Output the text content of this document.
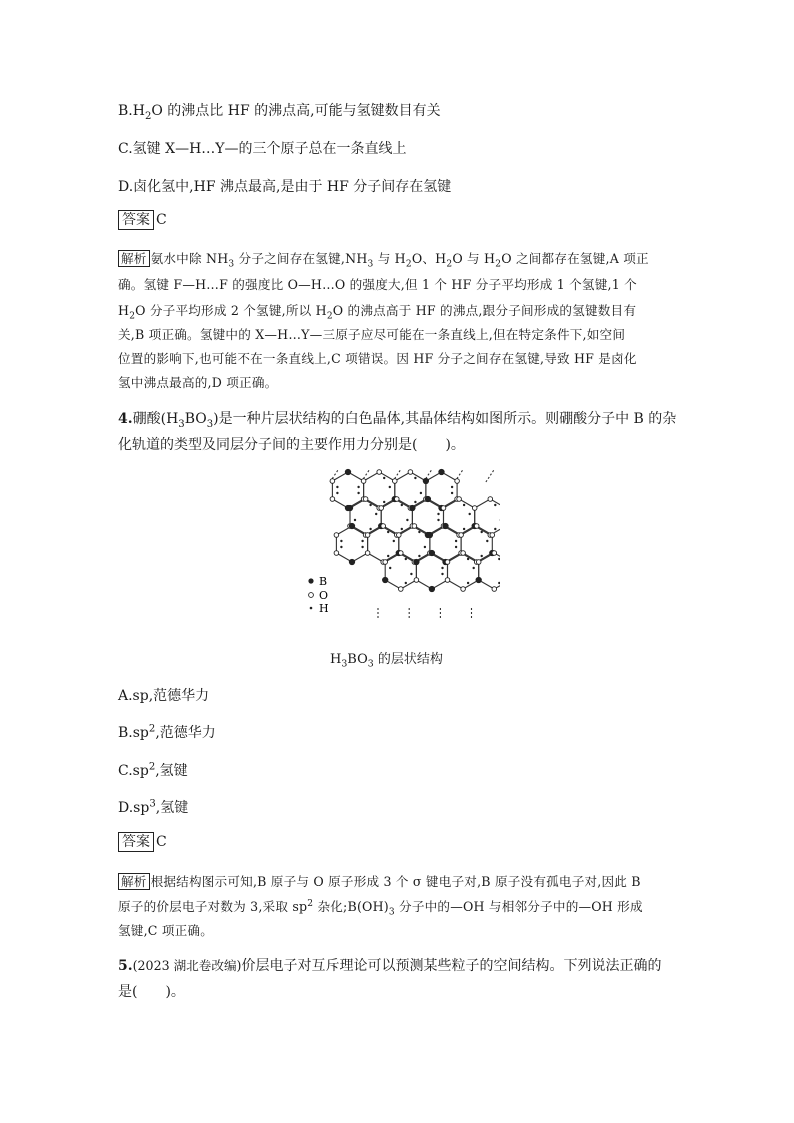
$B.H_2O$ 的沸点比 HF 的沸点高,可能与氢键数目有关
C.氢键 X—H…Y—的三个原子总在一条直线上
D.卤化氢中,HF 沸点最高,是由于 HF 分子间存在氢键
答案 C
解析 氨水中除 $NH_3$ 分子之间存在氢键$,NH_3$ 与 $H_2O$、$H_2O$ 与 $H_2O$ 之间都存在氢键,A 项正
确。氢键 F—H…F 的强度比 O—H…O 的强度大,但 1 个 HF 分子平均形成 1 个氢键,1 个
$H_2O$ 分子平均形成 2 个氢键,所以 $H_2O$ 的沸点高于 HF 的沸点,跟分子间形成的氢键数目有
关,B 项正确。氢键中的 X—H…Y—三原子应尽可能在一条直线上,但在特定条件下,如空间
位置的影响下,也可能不在一条直线上,C 项错误。因 HF 分子之间存在氢键,导致 HF 是卤化
氢中沸点最高的,D 项正确。
4.硼酸$(H_3BO_3)$是一种片层状结构的白色晶体,其晶体结构如图所示。则硼酸分子中 B 的杂
化轨道的类型及同层分子间的主要作用力分别是(　　)。
B
O
H
$H_3BO_3$ 的层状结构
A.sp,范德华力
$B.sp^2$,范德华力
$C.sp^2$,氢键
$D.sp^3$,氢键
答案 C
解析 根据结构图示可知,B 原子与 O 原子形成 3 个 σ 键电子对,B 原子没有孤电子对,因此 B
原子的价层电子对数为 3,采取 $sp^2$ 杂化$;B(OH)_3$ 分子中的—OH 与相邻分子中的—OH 形成
氢键,C 项正确。
5.(2023 湖北卷改编)价层电子对互斥理论可以预测某些粒子的空间结构。下列说法正确的
是(　　)。
